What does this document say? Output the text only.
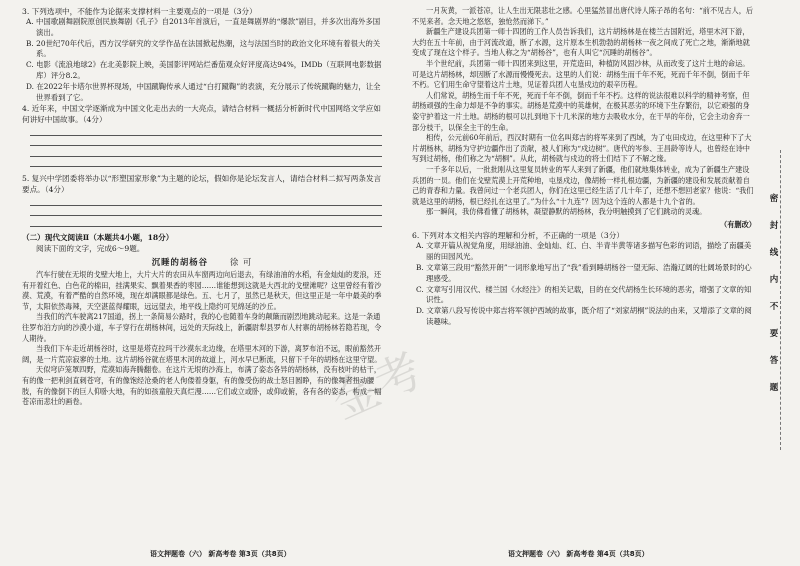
3. 下列选项中，不能作为论据来支撑材料一主要观点的一项是（3分）

A. 中国歌剧舞剧院原创民族舞剧《孔子》自2013年首演后，一直是舞剧界的“爆款”剧目，并多次出海外多国演出。

B. 20世纪70年代后，西方汉学研究的文学作品在法国掀起热潮，这与法国当时的政治文化环境有着很大的关系。

C. 电影《流浪地球2》在北美影院上映，美国影评网站烂番茄观众好评度高达94%，IMDb（互联网电影数据库）评分8.2。

D. 在2022年卡塔尔世界杯现场，中国蹴鞠传承人通过“白打蹴鞠”的表演，充分展示了传统蹴鞠的魅力，让全世界看到了它。

4. 近年来，中国文学逐渐成为中国文化走出去的一大亮点，请结合材料一概括分析新时代中国网络文学应如何讲好中国故事。（4分）

5. 复兴中学团委将举办以“形塑国家形象”为主题的论坛，假如你是论坛发言人，请结合材料二拟写两条发言要点。（4分）

（二）现代文阅读Ⅱ（本题共4小题，18分）

阅读下面的文字，完成6～9题。

沉睡的胡杨谷	徐 可

汽车行驶在无垠的戈壁大地上，大片大片的农田从车窗两边向后退去，有绿油油的水稻，有金灿灿的麦浪，还有开着红色、白色花的棉田，挂满果实、飘着果香的枣园……谁能想到这就是大西北的戈壁滩呢？这里曾经有着沙漠、荒漠，有着严酷的自然环境，现在却满眼都是绿色。五、七月了，虽然已是秋天，但这里正是一年中最美的季节，太阳依然毒辣，天空湛蓝得耀眼，远远望去，地平线上隐约可见绵延的沙丘。

当我们的汽车驶离217国道，拐上一条简易公路时，我的心也随着车身的颠簸而剧烈地跳动起来。这是一条通往罗布泊方向的沙漠小道，车子穿行在胡杨林间，远处的天际线上，新疆尉犁县罗布人村寨的胡杨林若隐若现，令人期待。

当我们下车走近胡杨谷时，这里是塔克拉玛干沙漠东北边缘，在塔里木河的下游，离罗布泊不远，眼前豁然开阔，是一片荒凉寂寥的土地。这片胡杨谷就在塔里木河的故道上，河水早已断流，只留下千年的胡杨在这里守望。

天似穹庐笼罩四野，荒漠如海奔腾翻卷。在这片无垠的沙海上，布满了姿态各异的胡杨林，没有枝叶的枯干，有的像一把利剑直刺苍穹，有的像饱经沧桑的老人佝偻着身躯，有的像受伤的战士怒目圆睁，有的像舞者扭动腰肢，有的像倒下的巨人仰卧大地，有的如孩童般天真烂漫……它们或立或卧，或仰或俯，各有各的姿态，构成一幅苍凉而悲壮的画卷。

一月灰黄，一派苍凉，让人生出无限悲壮之感。心里猛然冒出唐代诗人陈子昂的名句：“前不见古人，后不见来者。念天地之悠悠，独怆然而涕下。”

新疆生产建设兵团第一师十四团的工作人员告诉我们，这片胡杨林是在楼兰古国附近，塔里木河下游，大约在五十年前，由于河流改道，断了水源，这片原本生机勃勃的胡杨林一夜之间成了死亡之地，渐渐地就变成了现在这个样子。当地人称之为“胡杨谷”，也有人叫它“沉睡的胡杨谷”。

半个世纪前，兵团第一师十四团来到这里，开荒造田，种植防风固沙林，从而改变了这片土地的命运。可是这片胡杨林，却因断了水源而慢慢死去。这里的人们说：胡杨生而千年不死，死而千年不倒，倒而千年不朽。它们用生命守望着这片土地，见证着兵团人屯垦戍边的艰辛历程。

人们常说，胡杨生而千年不死，死而千年不倒，倒而千年不朽。这样的说法很难以科学的精神考察，但胡杨顽强的生命力却是不争的事实。胡杨是荒漠中的英雄树，在极其恶劣的环境下生存繁衍，以它顽强的身姿守护着这一片土地。胡杨的根可以扎到地下十几米深的地方去吸收水分，在干旱的年份，它会主动舍弃一部分枝干，以保全主干的生命。

相传，公元前60年前后，西汉时期有一位名叫郑吉的将军来到了西域，为了屯田戍边，在这里种下了大片胡杨林，胡杨为守护边疆作出了贡献，被人们称为“戍边树”。唐代的岑参、王昌龄等诗人，也曾经在诗中写到过胡杨，他们称之为“胡桐”。从此，胡杨就与戍边的将士们结下了不解之缘。

一千多年以后，一批批刚从这里复员转业的军人来到了新疆，他们就地集体转业，成为了新疆生产建设兵团的一员。他们在戈壁荒漠上开荒种地，屯垦戍边，像胡杨一样扎根边疆，为新疆的建设和发展贡献着自己的青春和力量。我曾问过一个老兵团人，你们在这里已经生活了几十年了，还想不想回老家？他说：“我们就是这里的胡杨，根已经扎在这里了。”为什么“十九连”？因为这个连的人都是十九个省的。

那一瞬间，我仿佛看懂了胡杨林，凝望静默的胡杨林，我分明触摸到了它们跳动的灵魂。

（有删改）

6. 下列对本文相关内容的理解和分析，不正确的一项是（3分）

A. 文章开篇从视觉角度，用绿油油、金灿灿、红、白、半青半黄等诸多描写色彩的词语，描绘了南疆美丽的田园风光。

B. 文章第三段用“豁然开朗”一词形象地写出了“我”看到睡胡杨谷一望无际、浩瀚辽阔的壮阔场景时的心理感受。

C. 文章写引用汉代、楼兰国《水经注》的相关记载，目的在交代胡杨生长环境的恶劣，增强了文章的知识性。

D. 文章第八段写传说中郑吉将军领护西域的故事，既介绍了“刘家胡桐”说法的由来，又增添了文章的阅读趣味。

密
封
线
内
不
要
答
题
金考
语文押题卷（六） 新高考卷 第3页（共8页）	语文押题卷（六） 新高考卷 第4页（共8页）
